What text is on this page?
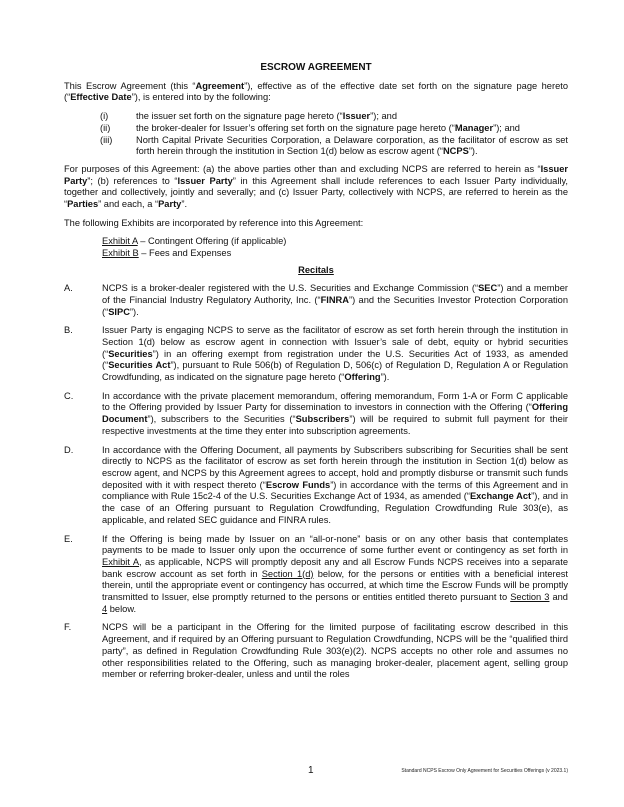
ESCROW AGREEMENT

This Escrow Agreement (this “Agreement”), effective as of the effective date set forth on the signature page hereto (“Effective Date”), is entered into by the following:

(i)	the issuer set forth on the signature page hereto (“Issuer”); and
(ii)	the broker-dealer for Issuer’s offering set forth on the signature page hereto (“Manager”); and
(iii)	North Capital Private Securities Corporation, a Delaware corporation, as the facilitator of escrow as set forth herein through the institution in Section 1(d) below as escrow agent (“NCPS”).

For purposes of this Agreement: (a) the above parties other than and excluding NCPS are referred to herein as “Issuer Party”; (b) references to “Issuer Party” in this Agreement shall include references to each Issuer Party individually, together and collectively, jointly and severally; and (c) Issuer Party, collectively with NCPS, are referred to herein as the “Parties” and each, a “Party”.

The following Exhibits are incorporated by reference into this Agreement:

Exhibit A – Contingent Offering (if applicable)
Exhibit B – Fees and Expenses
Recitals
A.	NCPS is a broker-dealer registered with the U.S. Securities and Exchange Commission (“SEC”) and a member of the Financial Industry Regulatory Authority, Inc. (“FINRA”) and the Securities Investor Protection Corporation (“SIPC”).
B.	Issuer Party is engaging NCPS to serve as the facilitator of escrow as set forth herein through the institution in Section 1(d) below as escrow agent in connection with Issuer’s sale of debt, equity or hybrid securities (“Securities”) in an offering exempt from registration under the U.S. Securities Act of 1933, as amended (“Securities Act”), pursuant to Rule 506(b) of Regulation D, 506(c) of Regulation D, Regulation A or Regulation Crowdfunding, as indicated on the signature page hereto (“Offering”).
C.	In accordance with the private placement memorandum, offering memorandum, Form 1-A or Form C applicable to the Offering provided by Issuer Party for dissemination to investors in connection with the Offering (“Offering Document”), subscribers to the Securities (“Subscribers”) will be required to submit full payment for their respective investments at the time they enter into subscription agreements.
D.	In accordance with the Offering Document, all payments by Subscribers subscribing for Securities shall be sent directly to NCPS as the facilitator of escrow as set forth herein through the institution in Section 1(d) below as escrow agent, and NCPS by this Agreement agrees to accept, hold and promptly disburse or transmit such funds deposited with it with respect thereto (“Escrow Funds”) in accordance with the terms of this Agreement and in compliance with Rule 15c2-4 of the U.S. Securities Exchange Act of 1934, as amended (“Exchange Act”), and in the case of an Offering pursuant to Regulation Crowdfunding, Regulation Crowdfunding Rule 303(e), as applicable, and related SEC guidance and FINRA rules.
E.	If the Offering is being made by Issuer on an “all-or-none” basis or on any other basis that contemplates payments to be made to Issuer only upon the occurrence of some further event or contingency as set forth in Exhibit A, as applicable, NCPS will promptly deposit any and all Escrow Funds NCPS receives into a separate bank escrow account as set forth in Section 1(d) below, for the persons or entities with a beneficial interest therein, until the appropriate event or contingency has occurred, at which time the Escrow Funds will be promptly transmitted to Issuer, else promptly returned to the persons or entities entitled thereto pursuant to Section 3 and 4 below.
F.	NCPS will be a participant in the Offering for the limited purpose of facilitating escrow described in this Agreement, and if required by an Offering pursuant to Regulation Crowdfunding, NCPS will be the “qualified third party”, as defined in Regulation Crowdfunding Rule 303(e)(2). NCPS accepts no other role and assumes no other responsibilities related to the Offering, such as managing broker-dealer, placement agent, selling group member or referring broker-dealer, unless and until the roles
1	Standard NCPS Escrow Only Agreement for Securities Offerings (v 2023.1)
